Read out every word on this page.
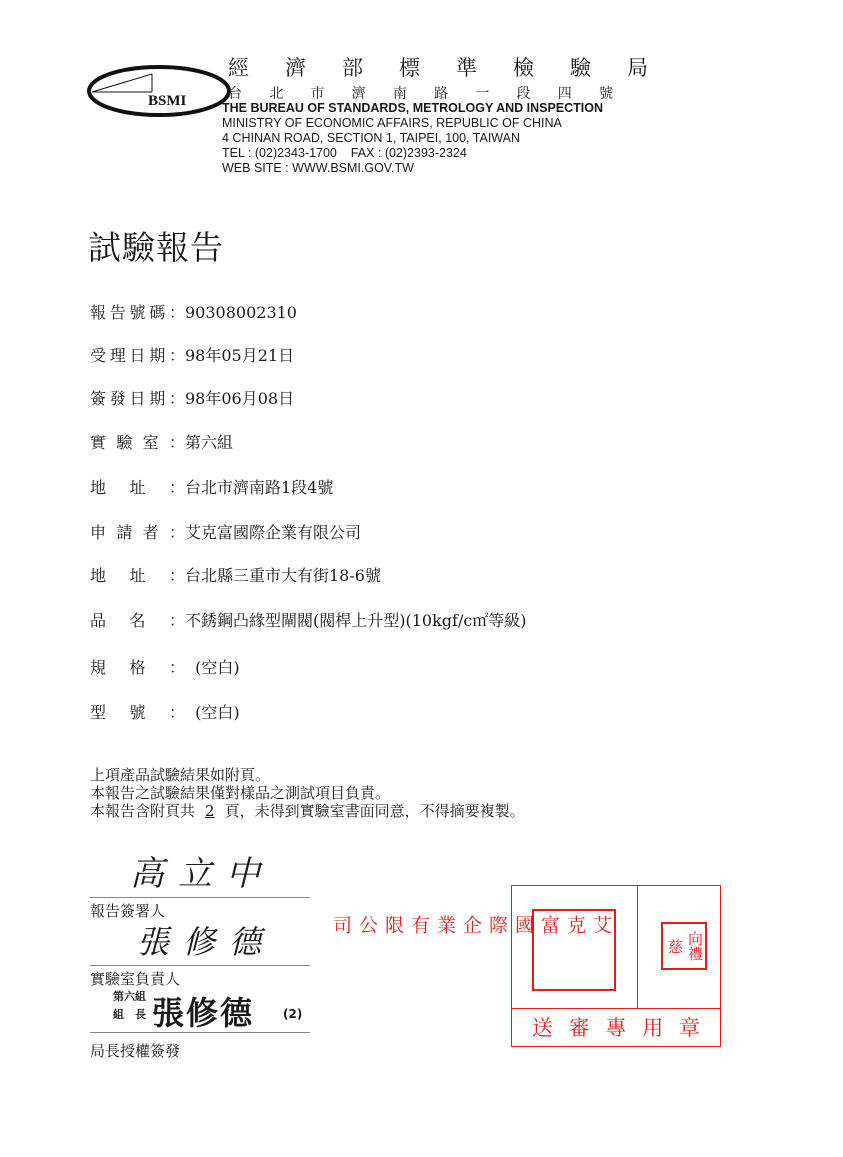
BSMI
經 濟 部 標 準 檢 驗 局
台 北 市 濟 南 路 一 段 四 號
THE BUREAU OF STANDARDS, METROLOGY AND INSPECTION
MINISTRY OF ECONOMIC AFFAIRS, REPUBLIC OF CHINA
4 CHINAN ROAD, SECTION 1, TAIPEI, 100, TAIWAN
TEL : (02)2343-1700    FAX : (02)2393-2324
WEB SITE : WWW.BSMI.GOV.TW
試驗報告
報 告 號 碼 ： 90308002310
受 理 日 期 ： 98年05月21日
簽 發 日 期 ： 98年06月08日
實 驗 室 ： 第六組
地 址 ： 台北市濟南路1段4號
申 請 者 ： 艾克富國際企業有限公司
地 址 ： 台北縣三重市大有街18-6號
品 名 ： 不銹鋼凸緣型閘閥(閥桿上升型)(10kgf/c㎡等級)
規 格 ： (空白)
型 號 ： (空白)
上項產品試驗結果如附頁。
本報告之試驗結果僅對樣品之測試項目負責。
本報告含附頁共 2 頁，未得到實驗室書面同意，不得摘要複製。
高立中
報告簽署人
張修德
實驗室負責人
第六組
組　長 張修德 (2)
局長授權簽發
艾克富國際企業有限公司
向禮慈
送 審 專 用 章
